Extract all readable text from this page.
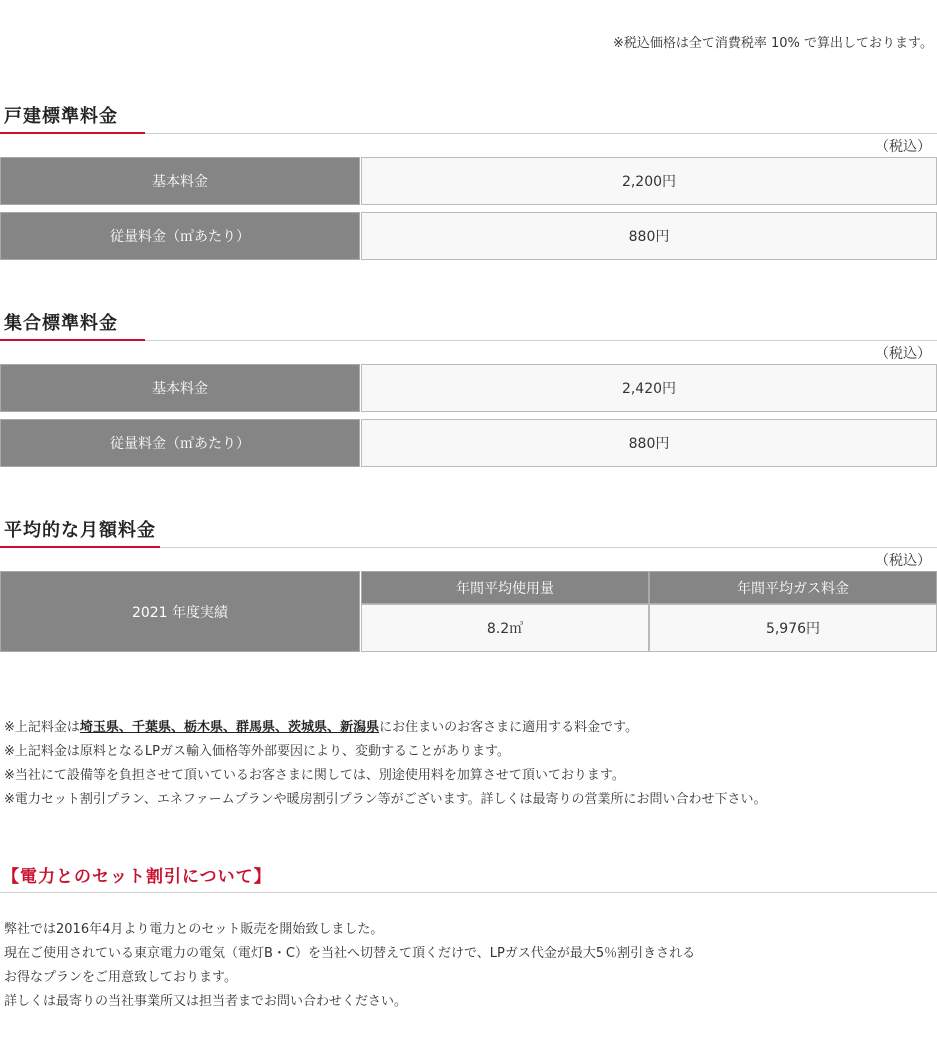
※税込価格は全て消費税率 10% で算出しております。
戸建標準料金
（税込）
基本料金	2,200円
従量料金（㎥あたり）	880円
集合標準料金
（税込）
基本料金	2,420円
従量料金（㎥あたり）	880円
平均的な月額料金
（税込）
2021 年度実績
年間平均使用量	年間平均ガス料金
8.2㎥	5,976円
※上記料金は埼玉県、千葉県、栃木県、群馬県、茨城県、新潟県にお住まいのお客さまに適用する料金です。
※上記料金は原料となるLPガス輸入価格等外部要因により、変動することがあります。
※当社にて設備等を負担させて頂いているお客さまに関しては、別途使用料を加算させて頂いております。
※電力セット割引プラン、エネファームプランや暖房割引プラン等がございます。詳しくは最寄りの営業所にお問い合わせ下さい。
【電力とのセット割引について】
弊社では2016年4月より電力とのセット販売を開始致しました。
現在ご使用されている東京電力の電気（電灯B・C）を当社へ切替えて頂くだけで、LPガス代金が最大5％割引きされる
お得なプランをご用意致しております。
詳しくは最寄りの当社事業所又は担当者までお問い合わせください。
